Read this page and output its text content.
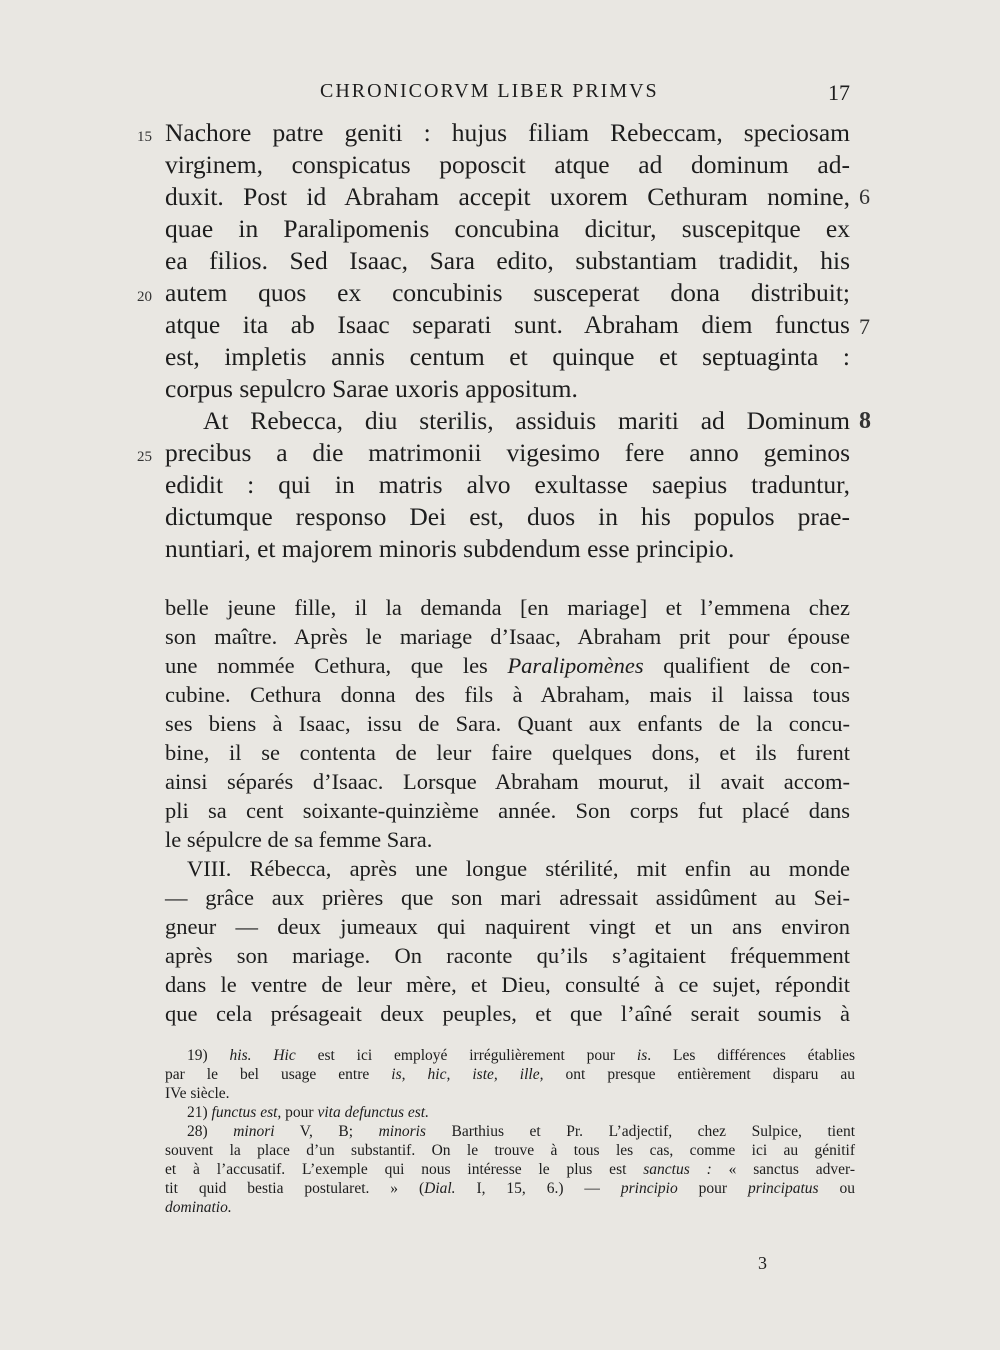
CHRONICORVM LIBER PRIMVS	17
15 Nachore patre geniti : hujus filiam Rebeccam, speciosam
virginem, conspicatus poposcit atque ad dominum ad-
duxit. Post id Abraham accepit uxorem Cethuram nomine, 6
quae in Paralipomenis concubina dicitur, suscepitque ex
ea filios. Sed Isaac, Sara edito, substantiam tradidit, his
20 autem quos ex concubinis susceperat dona distribuit;
atque ita ab Isaac separati sunt. Abraham diem functus 7
est, impletis annis centum et quinque et septuaginta :
corpus sepulcro Sarae uxoris appositum.
At Rebecca, diu sterilis, assiduis mariti ad Dominum 8
25 precibus a die matrimonii vigesimo fere anno geminos
edidit : qui in matris alvo exultasse saepius traduntur,
dictumque responso Dei est, duos in his populos prae-
nuntiari, et majorem minoris subdendum esse principio.
belle jeune fille, il la demanda [en mariage] et l’emmena chez
son maître. Après le mariage d’Isaac, Abraham prit pour épouse
une nommée Cethura, que les Paralipomènes qualifient de con-
cubine. Cethura donna des fils à Abraham, mais il laissa tous
ses biens à Isaac, issu de Sara. Quant aux enfants de la concu-
bine, il se contenta de leur faire quelques dons, et ils furent
ainsi séparés d’Isaac. Lorsque Abraham mourut, il avait accom-
pli sa cent soixante-quinzième année. Son corps fut placé dans
le sépulcre de sa femme Sara.
VIII. Rébecca, après une longue stérilité, mit enfin au monde
— grâce aux prières que son mari adressait assidûment au Sei-
gneur — deux jumeaux qui naquirent vingt et un ans environ
après son mariage. On raconte qu’ils s’agitaient fréquemment
dans le ventre de leur mère, et Dieu, consulté à ce sujet, répondit
que cela présageait deux peuples, et que l’aîné serait soumis à
19) his. Hic est ici employé irrégulièrement pour is. Les différences établies
par le bel usage entre is, hic, iste, ille, ont presque entièrement disparu au
IVe siècle.
21) functus est, pour vita defunctus est.
28) minori V, B; minoris Barthius et Pr. L’adjectif, chez Sulpice, tient
souvent la place d’un substantif. On le trouve à tous les cas, comme ici au génitif
et à l’accusatif. L’exemple qui nous intéresse le plus est sanctus : « sanctus adver-
tit quid bestia postularet. » (Dial. I, 15, 6.) — principio pour principatus ou
dominatio.
3
